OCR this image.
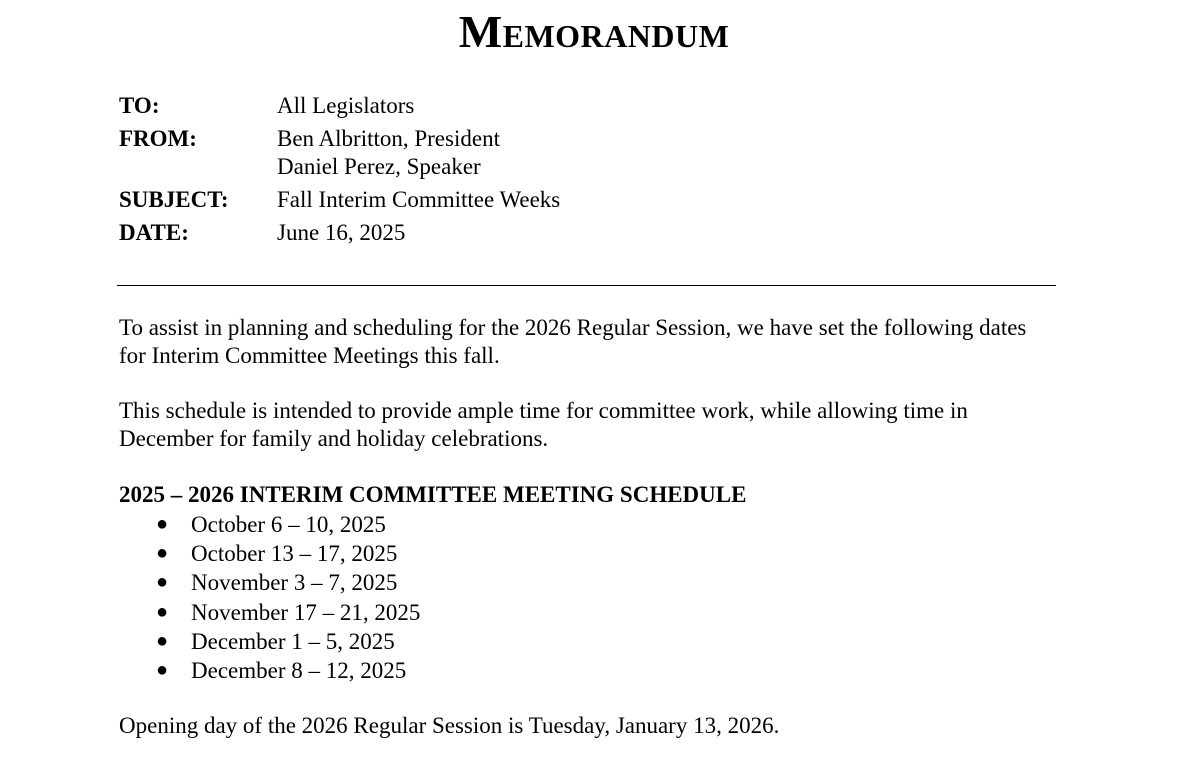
MEMORANDUM
TO:	All Legislators
FROM:	Ben Albritton, President
Daniel Perez, Speaker
SUBJECT:	Fall Interim Committee Weeks
DATE:	June 16, 2025

To assist in planning and scheduling for the 2026 Regular Session, we have set the following dates for Interim Committee Meetings this fall.

This schedule is intended to provide ample time for committee work, while allowing time in December for family and holiday celebrations.

2025 – 2026 INTERIM COMMITTEE MEETING SCHEDULE
● October 6 – 10, 2025
● October 13 – 17, 2025
● November 3 – 7, 2025
● November 17 – 21, 2025
● December 1 – 5, 2025
● December 8 – 12, 2025

Opening day of the 2026 Regular Session is Tuesday, January 13, 2026.
